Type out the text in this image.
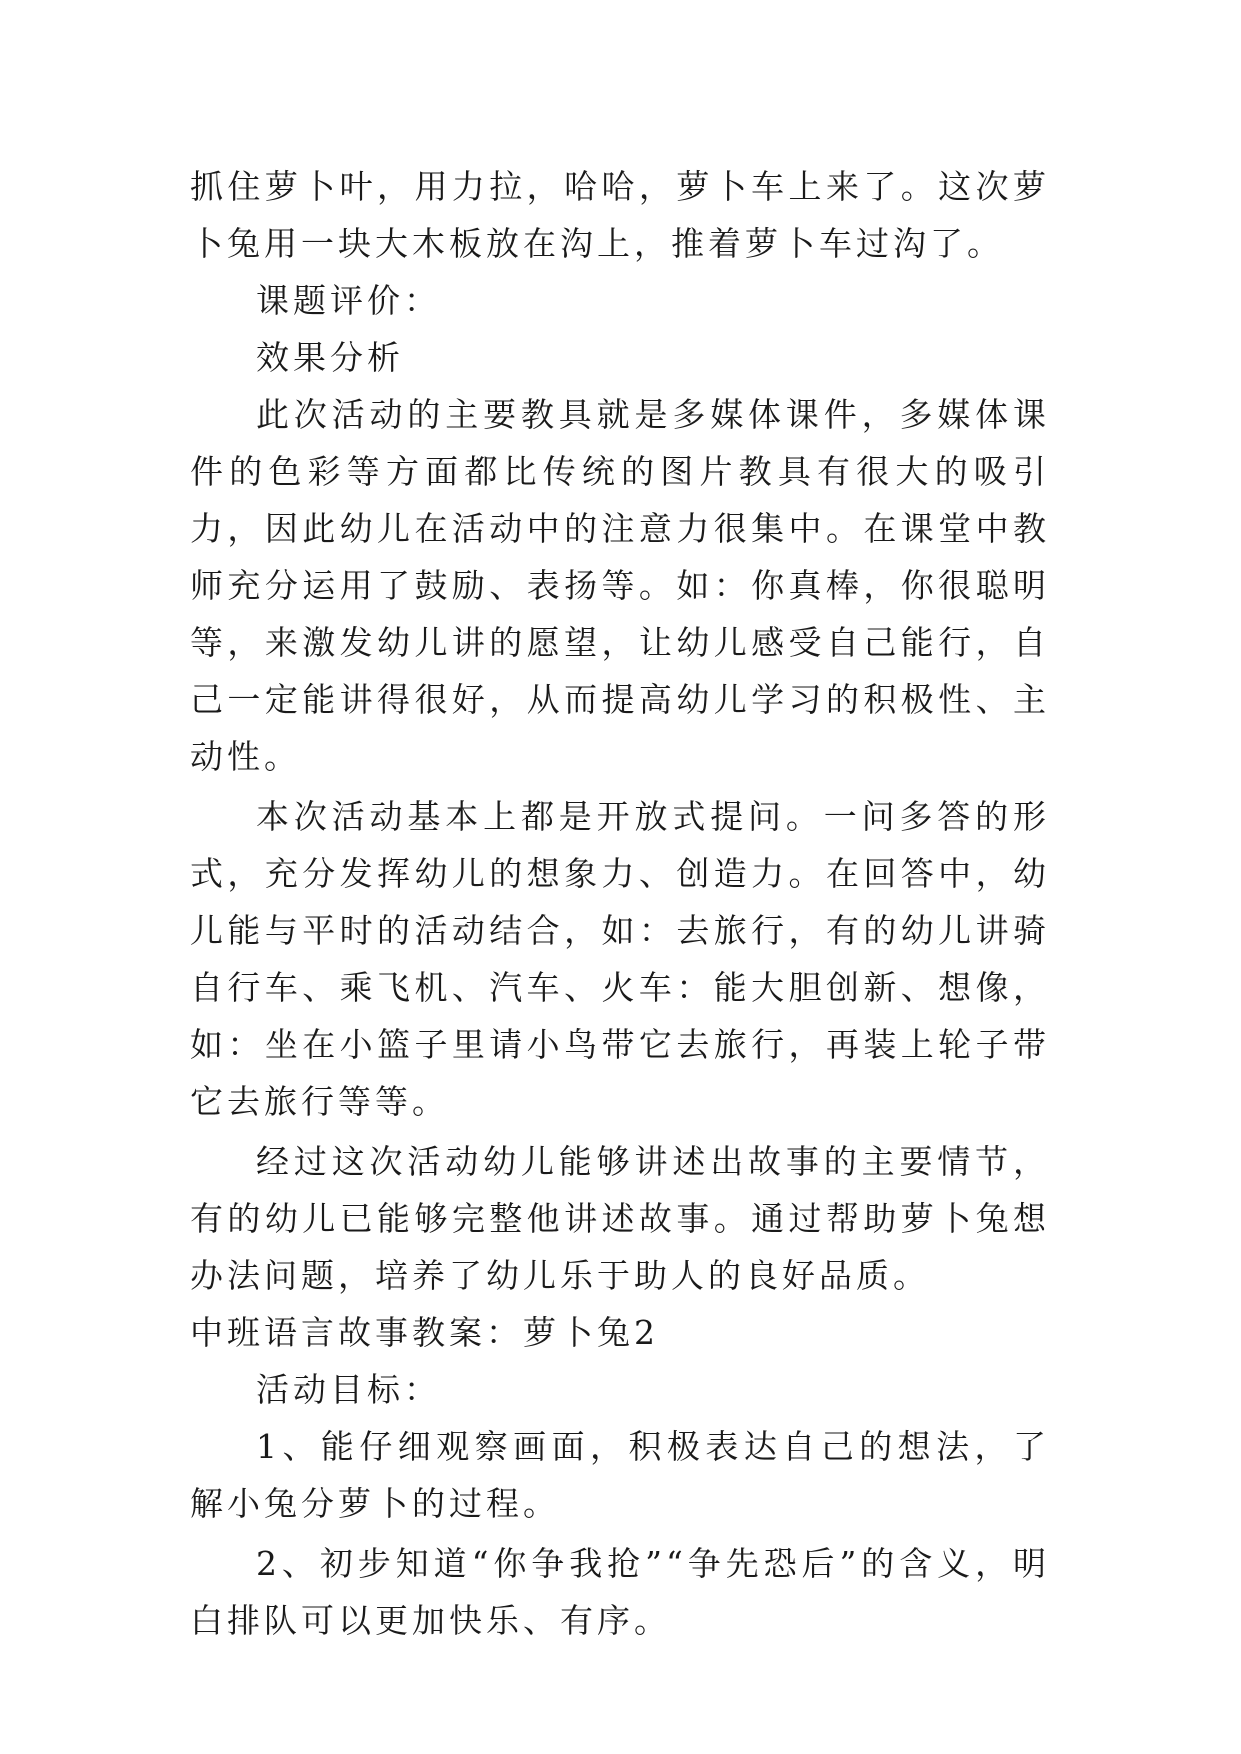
抓住萝卜叶，用力拉，哈哈，萝卜车上来了。这次萝卜兔用一块大木板放在沟上，推着萝卜车过沟了。

课题评价：

效果分析

此次活动的主要教具就是多媒体课件，多媒体课件的色彩等方面都比传统的图片教具有很大的吸引力，因此幼儿在活动中的注意力很集中。在课堂中教师充分运用了鼓励、表扬等。如：你真棒，你很聪明等，来激发幼儿讲的愿望，让幼儿感受自己能行，自己一定能讲得很好，从而提高幼儿学习的积极性、主动性。

本次活动基本上都是开放式提问。一问多答的形式，充分发挥幼儿的想象力、创造力。在回答中，幼儿能与平时的活动结合，如：去旅行，有的幼儿讲骑自行车、乘飞机、汽车、火车：能大胆创新、想像，如：坐在小篮子里请小鸟带它去旅行，再装上轮子带它去旅行等等。

经过这次活动幼儿能够讲述出故事的主要情节，有的幼儿已能够完整他讲述故事。通过帮助萝卜兔想办法问题，培养了幼儿乐于助人的良好品质。

中班语言故事教案：萝卜兔2

活动目标：

1、能仔细观察画面，积极表达自己的想法，了解小兔分萝卜的过程。

2、初步知道“你争我抢”“争先恐后”的含义，明白排队可以更加快乐、有序。
